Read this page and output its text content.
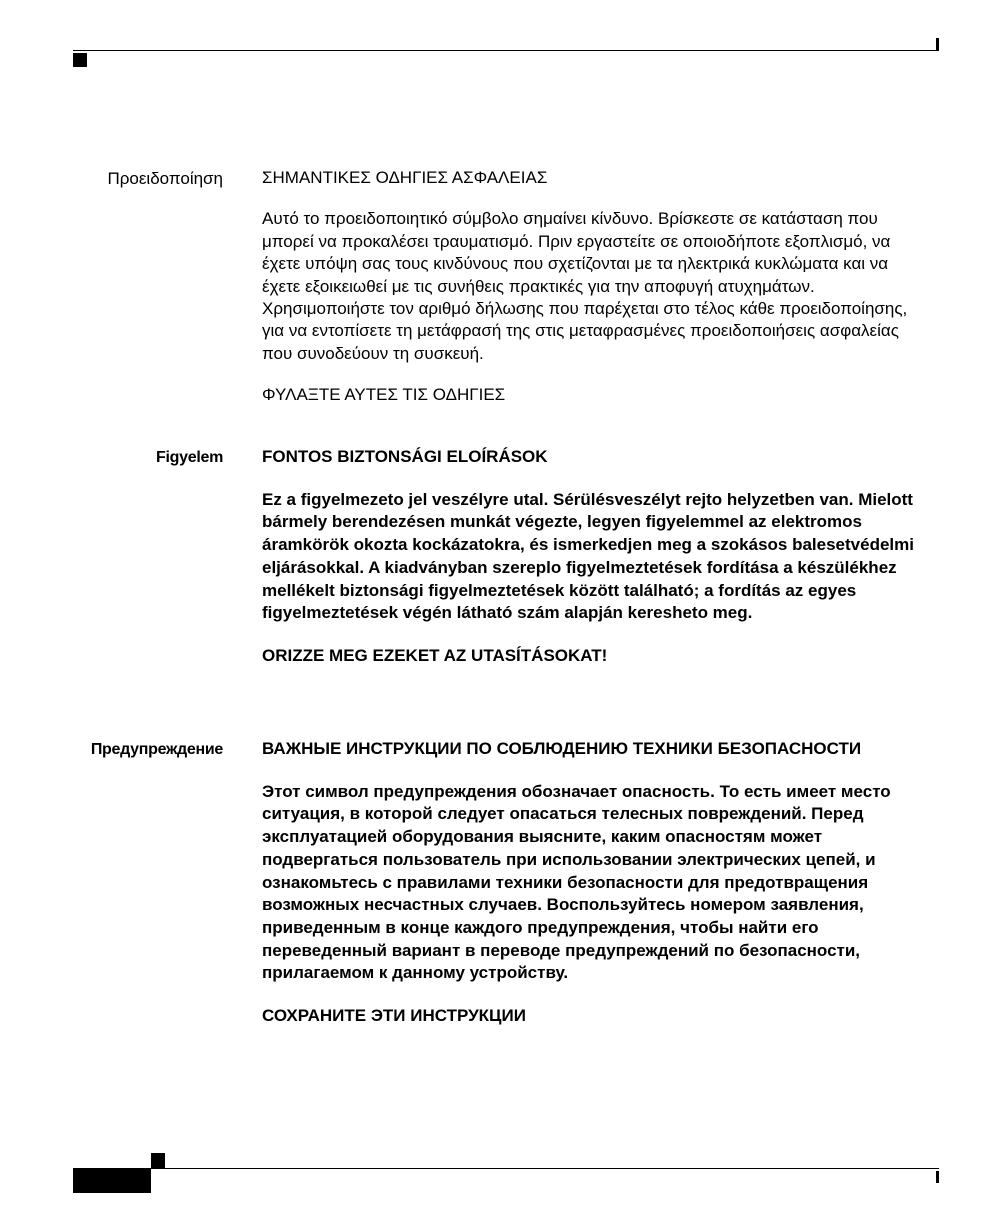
Προειδοποίηση ΣΗΜΑΝΤΙΚΕΣ ΟΔΗΓΙΕΣ ΑΣΦΑΛΕΙΑΣ

Αυτό το προειδοποιητικό σύμβολο σημαίνει κίνδυνο. Βρίσκεστε σε κατάσταση που μπορεί να προκαλέσει τραυματισμό. Πριν εργαστείτε σε οποιοδήποτε εξοπλισμό, να έχετε υπόψη σας τους κινδύνους που σχετίζονται με τα ηλεκτρικά κυκλώματα και να έχετε εξοικειωθεί με τις συνήθεις πρακτικές για την αποφυγή ατυχημάτων. Χρησιμοποιήστε τον αριθμό δήλωσης που παρέχεται στο τέλος κάθε προειδοποίησης, για να εντοπίσετε τη μετάφρασή της στις μεταφρασμένες προειδοποιήσεις ασφαλείας που συνοδεύουν τη συσκευή.

ΦΥΛΑΞΤΕ ΑΥΤΕΣ ΤΙΣ ΟΔΗΓΙΕΣ

Figyelem FONTOS BIZTONSÁGI ELOÍRÁSOK

Ez a figyelmezeto jel veszélyre utal. Sérülésveszélyt rejto helyzetben van. Mielott bármely berendezésen munkát végezte, legyen figyelemmel az elektromos áramkörök okozta kockázatokra, és ismerkedjen meg a szokásos balesetvédelmi eljárásokkal. A kiadványban szereplo figyelmeztetések fordítása a készülékhez mellékelt biztonsági figyelmeztetések között található; a fordítás az egyes figyelmeztetések végén látható szám alapján keresheto meg.

ORIZZE MEG EZEKET AZ UTASÍTÁSOKAT!

Предупреждение ВАЖНЫЕ ИНСТРУКЦИИ ПО СОБЛЮДЕНИЮ ТЕХНИКИ БЕЗОПАСНОСТИ

Этот символ предупреждения обозначает опасность. То есть имеет место ситуация, в которой следует опасаться телесных повреждений. Перед эксплуатацией оборудования выясните, каким опасностям может подвергаться пользователь при использовании электрических цепей, и ознакомьтесь с правилами техники безопасности для предотвращения возможных несчастных случаев. Воспользуйтесь номером заявления, приведенным в конце каждого предупреждения, чтобы найти его переведенный вариант в переводе предупреждений по безопасности, прилагаемом к данному устройству.

СОХРАНИТЕ ЭТИ ИНСТРУКЦИИ
